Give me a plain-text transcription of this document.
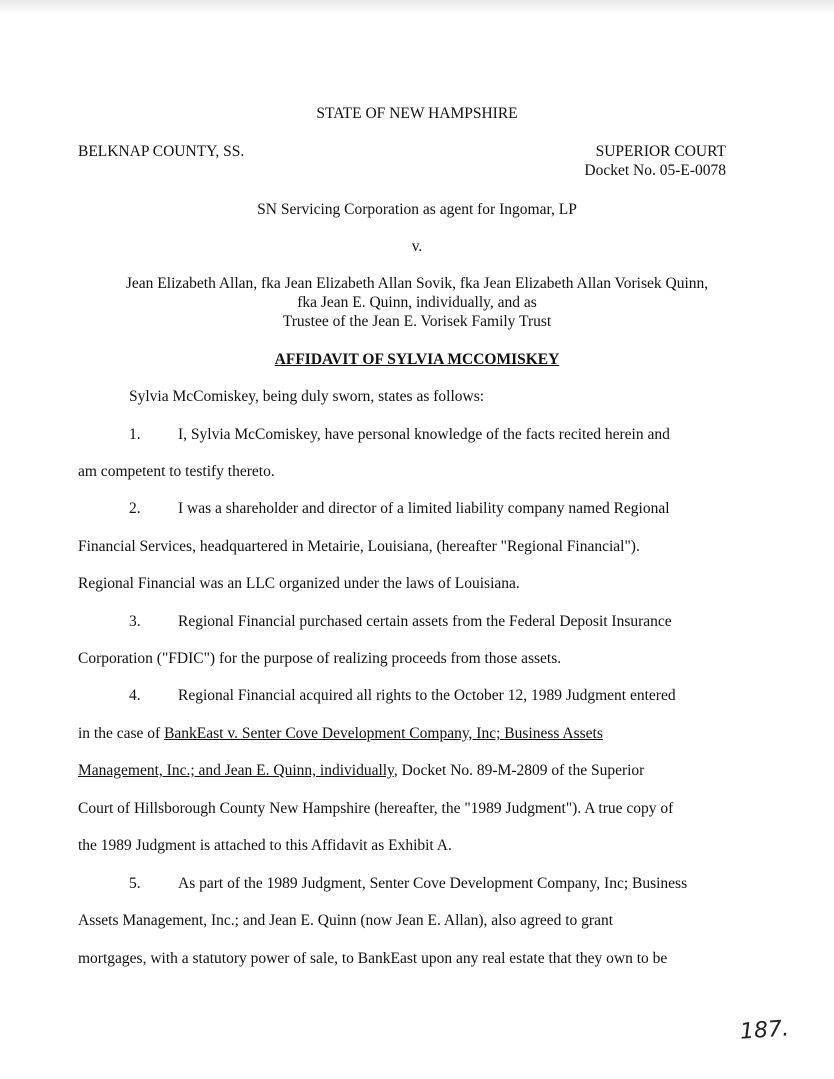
STATE OF NEW HAMPSHIRE
BELKNAP COUNTY, SS.	SUPERIOR COURT
Docket No. 05-E-0078
SN Servicing Corporation as agent for Ingomar, LP
v.
Jean Elizabeth Allan, fka Jean Elizabeth Allan Sovik, fka Jean Elizabeth Allan Vorisek Quinn,
fka Jean E. Quinn, individually, and as
Trustee of the Jean E. Vorisek Family Trust
AFFIDAVIT OF SYLVIA MCCOMISKEY
Sylvia McComiskey, being duly sworn, states as follows:
1. I, Sylvia McComiskey, have personal knowledge of the facts recited herein and
am competent to testify thereto.
2. I was a shareholder and director of a limited liability company named Regional
Financial Services, headquartered in Metairie, Louisiana, (hereafter "Regional Financial").
Regional Financial was an LLC organized under the laws of Louisiana.
3. Regional Financial purchased certain assets from the Federal Deposit Insurance
Corporation ("FDIC") for the purpose of realizing proceeds from those assets.
4. Regional Financial acquired all rights to the October 12, 1989 Judgment entered
in the case of BankEast v. Senter Cove Development Company, Inc; Business Assets
Management, Inc.; and Jean E. Quinn, individually, Docket No. 89-M-2809 of the Superior
Court of Hillsborough County New Hampshire (hereafter, the "1989 Judgment"). A true copy of
the 1989 Judgment is attached to this Affidavit as Exhibit A.
5. As part of the 1989 Judgment, Senter Cove Development Company, Inc; Business
Assets Management, Inc.; and Jean E. Quinn (now Jean E. Allan), also agreed to grant
mortgages, with a statutory power of sale, to BankEast upon any real estate that they own to be
187.
